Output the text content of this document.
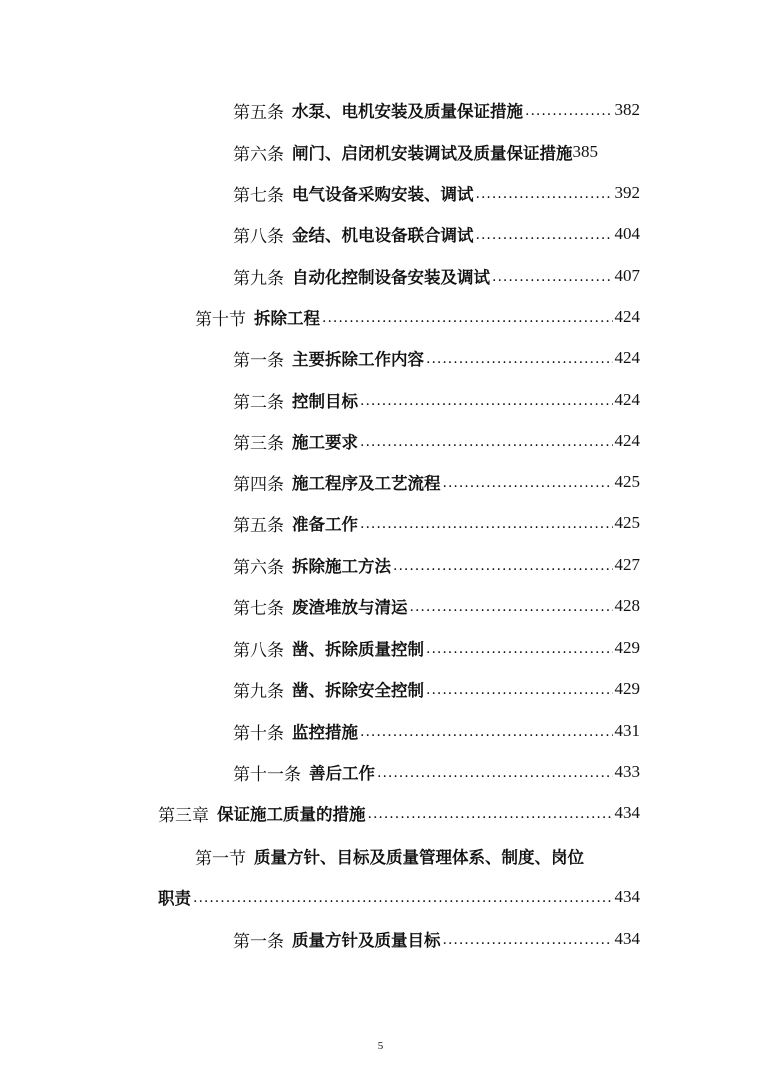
第五条 水泵、电机安装及质量保证措施 .....	382
第六条 闸门、启闭机安装调试及质量保证措施 385
第七条 电气设备采购安装、调试 .....	392
第八条 金结、机电设备联合调试 .....	404
第九条 自动化控制设备安装及调试 .....	407
第十节 拆除工程 .....	424
第一条 主要拆除工作内容 .....	424
第二条 控制目标 .....	424
第三条 施工要求 .....	424
第四条 施工程序及工艺流程 .....	425
第五条 准备工作 .....	425
第六条 拆除施工方法 .....	427
第七条 废渣堆放与清运 .....	428
第八条 凿、拆除质量控制 .....	429
第九条 凿、拆除安全控制 .....	429
第十条 监控措施 .....	431
第十一条 善后工作 .....	433
第三章 保证施工质量的措施 .....	434
第一节 质量方针、目标及质量管理体系、制度、岗位
职责 .....	434
第一条 质量方针及质量目标 .....	434
5
